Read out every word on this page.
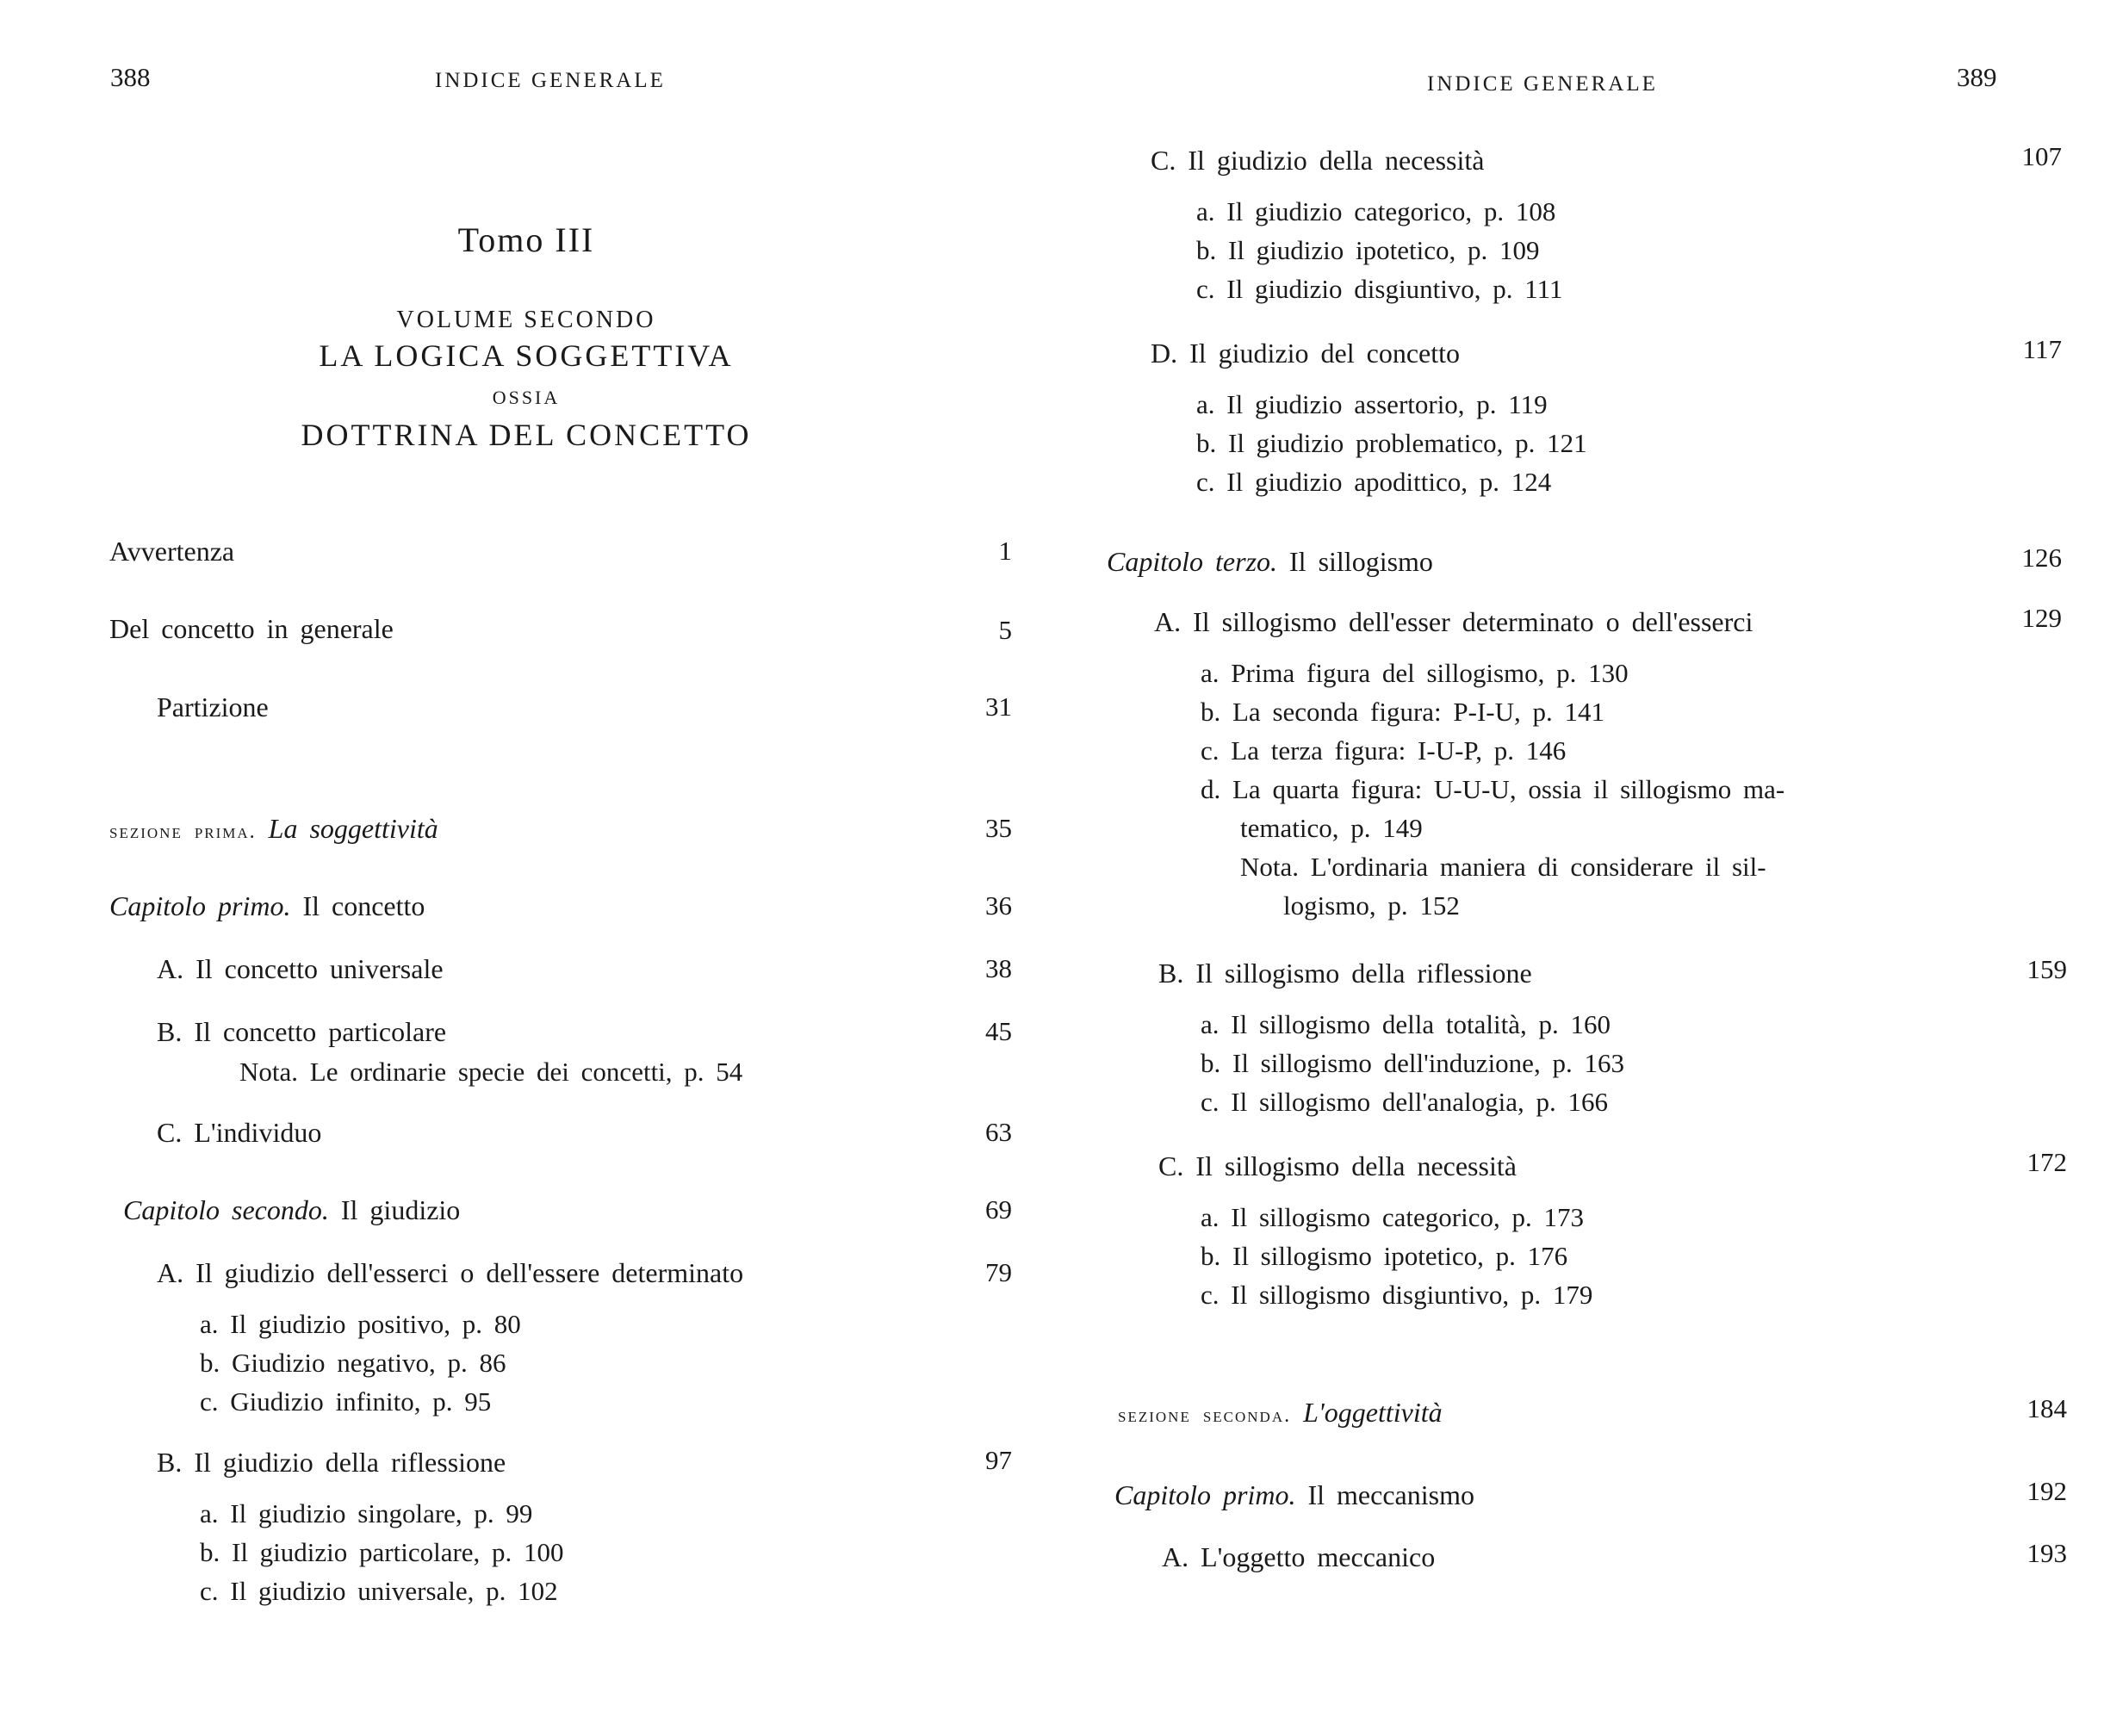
388	INDICE GENERALE
Tomo III
VOLUME SECONDO
LA LOGICA SOGGETTIVA
OSSIA
DOTTRINA DEL CONCETTO
Avvertenza	1
Del concetto in generale	5
Partizione	31
sezione prima. La soggettività	35
Capitolo primo. Il concetto	36
A. Il concetto universale	38
B. Il concetto particolare	45
Nota. Le ordinarie specie dei concetti, p. 54
C. L'individuo	63
Capitolo secondo. Il giudizio	69
A. Il giudizio dell'esserci o dell'essere determinato	79
a. Il giudizio positivo, p. 80
b. Giudizio negativo, p. 86
c. Giudizio infinito, p. 95
B. Il giudizio della riflessione	97
a. Il giudizio singolare, p. 99
b. Il giudizio particolare, p. 100
c. Il giudizio universale, p. 102
INDICE GENERALE	389
C. Il giudizio della necessità	107
a. Il giudizio categorico, p. 108
b. Il giudizio ipotetico, p. 109
c. Il giudizio disgiuntivo, p. 111
D. Il giudizio del concetto	117
a. Il giudizio assertorio, p. 119
b. Il giudizio problematico, p. 121
c. Il giudizio apodittico, p. 124
Capitolo terzo. Il sillogismo	126
A. Il sillogismo dell'esser determinato o dell'esserci	129
a. Prima figura del sillogismo, p. 130
b. La seconda figura: P-I-U, p. 141
c. La terza figura: I-U-P, p. 146
d. La quarta figura: U-U-U, ossia il sillogismo ma-
tematico, p. 149
Nota. L'ordinaria maniera di considerare il sil-
logismo, p. 152
B. Il sillogismo della riflessione	159
a. Il sillogismo della totalità, p. 160
b. Il sillogismo dell'induzione, p. 163
c. Il sillogismo dell'analogia, p. 166
C. Il sillogismo della necessità	172
a. Il sillogismo categorico, p. 173
b. Il sillogismo ipotetico, p. 176
c. Il sillogismo disgiuntivo, p. 179
sezione seconda. L'oggettività	184
Capitolo primo. Il meccanismo	192
A. L'oggetto meccanico	193
